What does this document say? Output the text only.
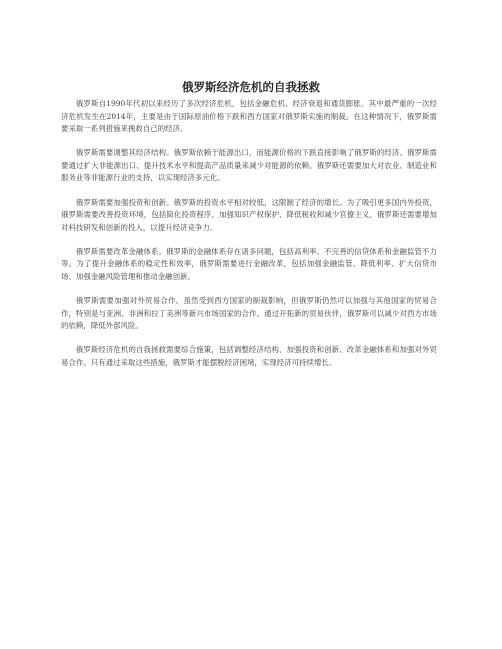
俄罗斯经济危机的自我拯救

俄罗斯自1990年代初以来经历了多次经济危机，包括金融危机、经济衰退和通货膨胀。其中最严重的一次经济危机发生在2014年，主要是由于国际原油价格下跌和西方国家对俄罗斯实施的制裁。在这种情况下，俄罗斯需要采取一系列措施来挽救自己的经济。

俄罗斯需要调整其经济结构。俄罗斯依赖于能源出口，而能源价格的下跌直接影响了俄罗斯的经济。俄罗斯需要通过扩大非能源出口、提升技术水平和提高产品质量来减少对能源的依赖。俄罗斯还需要加大对农业、制造业和服务业等非能源行业的支持，以实现经济多元化。

俄罗斯需要加强投资和创新。俄罗斯的投资水平相对较低，这限制了经济的增长。为了吸引更多国内外投资，俄罗斯需要改善投资环境，包括简化投资程序、加强知识产权保护、降低税收和减少官僚主义。俄罗斯还需要增加对科技研发和创新的投入，以提升经济竞争力。

俄罗斯需要改革金融体系。俄罗斯的金融体系存在诸多问题，包括高利率、不完善的信贷体系和金融监管不力等。为了提升金融体系的稳定性和效率，俄罗斯需要进行金融改革，包括加强金融监管、降低利率、扩大信贷市场、加强金融风险管理和推动金融创新。

俄罗斯需要加强对外贸易合作。虽然受到西方国家的制裁影响，但俄罗斯仍然可以加强与其他国家的贸易合作，特别是与亚洲、非洲和拉丁美洲等新兴市场国家的合作。通过开拓新的贸易伙伴，俄罗斯可以减少对西方市场的依赖，降低外部风险。

俄罗斯经济危机的自我拯救需要综合施策，包括调整经济结构、加强投资和创新、改革金融体系和加强对外贸易合作。只有通过采取这些措施，俄罗斯才能摆脱经济困境，实现经济可持续增长。
